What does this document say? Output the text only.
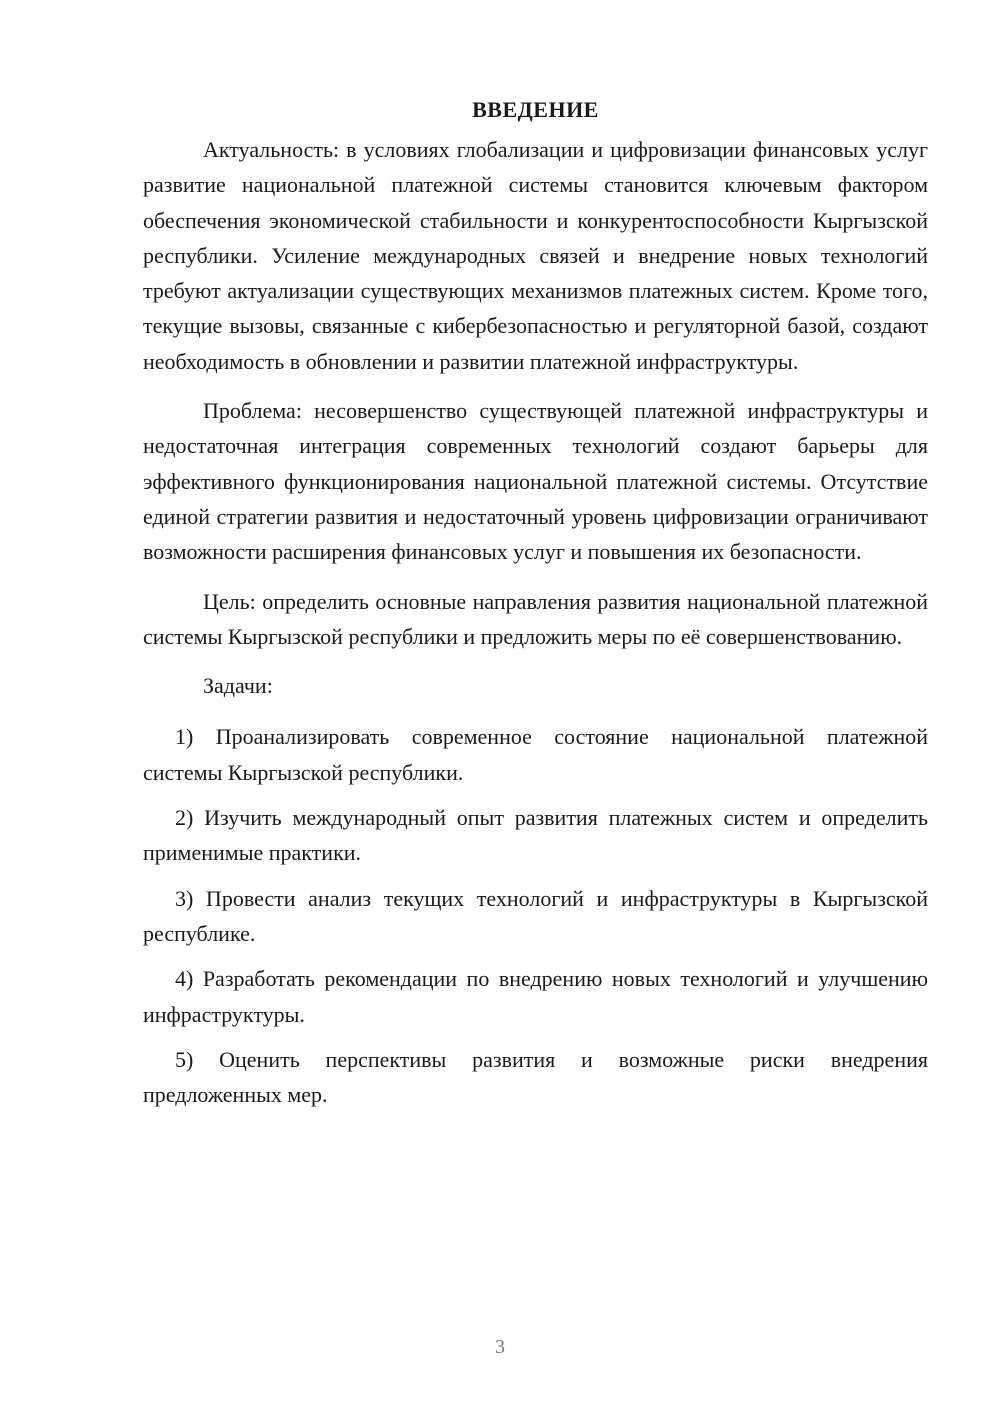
ВВЕДЕНИЕ

Актуальность: в условиях глобализации и цифровизации финансовых услуг развитие национальной платежной системы становится ключевым фактором обеспечения экономической стабильности и конкурентоспособности Кыргызской республики. Усиление международных связей и внедрение новых технологий требуют актуализации существующих механизмов платежных систем. Кроме того, текущие вызовы, связанные с кибербезопасностью и регуляторной базой, создают необходимость в обновлении и развитии платежной инфраструктуры.

Проблема: несовершенство существующей платежной инфраструктуры и недостаточная интеграция современных технологий создают барьеры для эффективного функционирования национальной платежной системы. Отсутствие единой стратегии развития и недостаточный уровень цифровизации ограничивают возможности расширения финансовых услуг и повышения их безопасности.

Цель: определить основные направления развития национальной платежной системы Кыргызской республики и предложить меры по её совершенствованию.

Задачи:

1) Проанализировать современное состояние национальной платежной системы Кыргызской республики.

2) Изучить международный опыт развития платежных систем и определить применимые практики.

3) Провести анализ текущих технологий и инфраструктуры в Кыргызской республике.

4) Разработать рекомендации по внедрению новых технологий и улучшению инфраструктуры.

5) Оценить перспективы развития и возможные риски внедрения предложенных мер.

3
